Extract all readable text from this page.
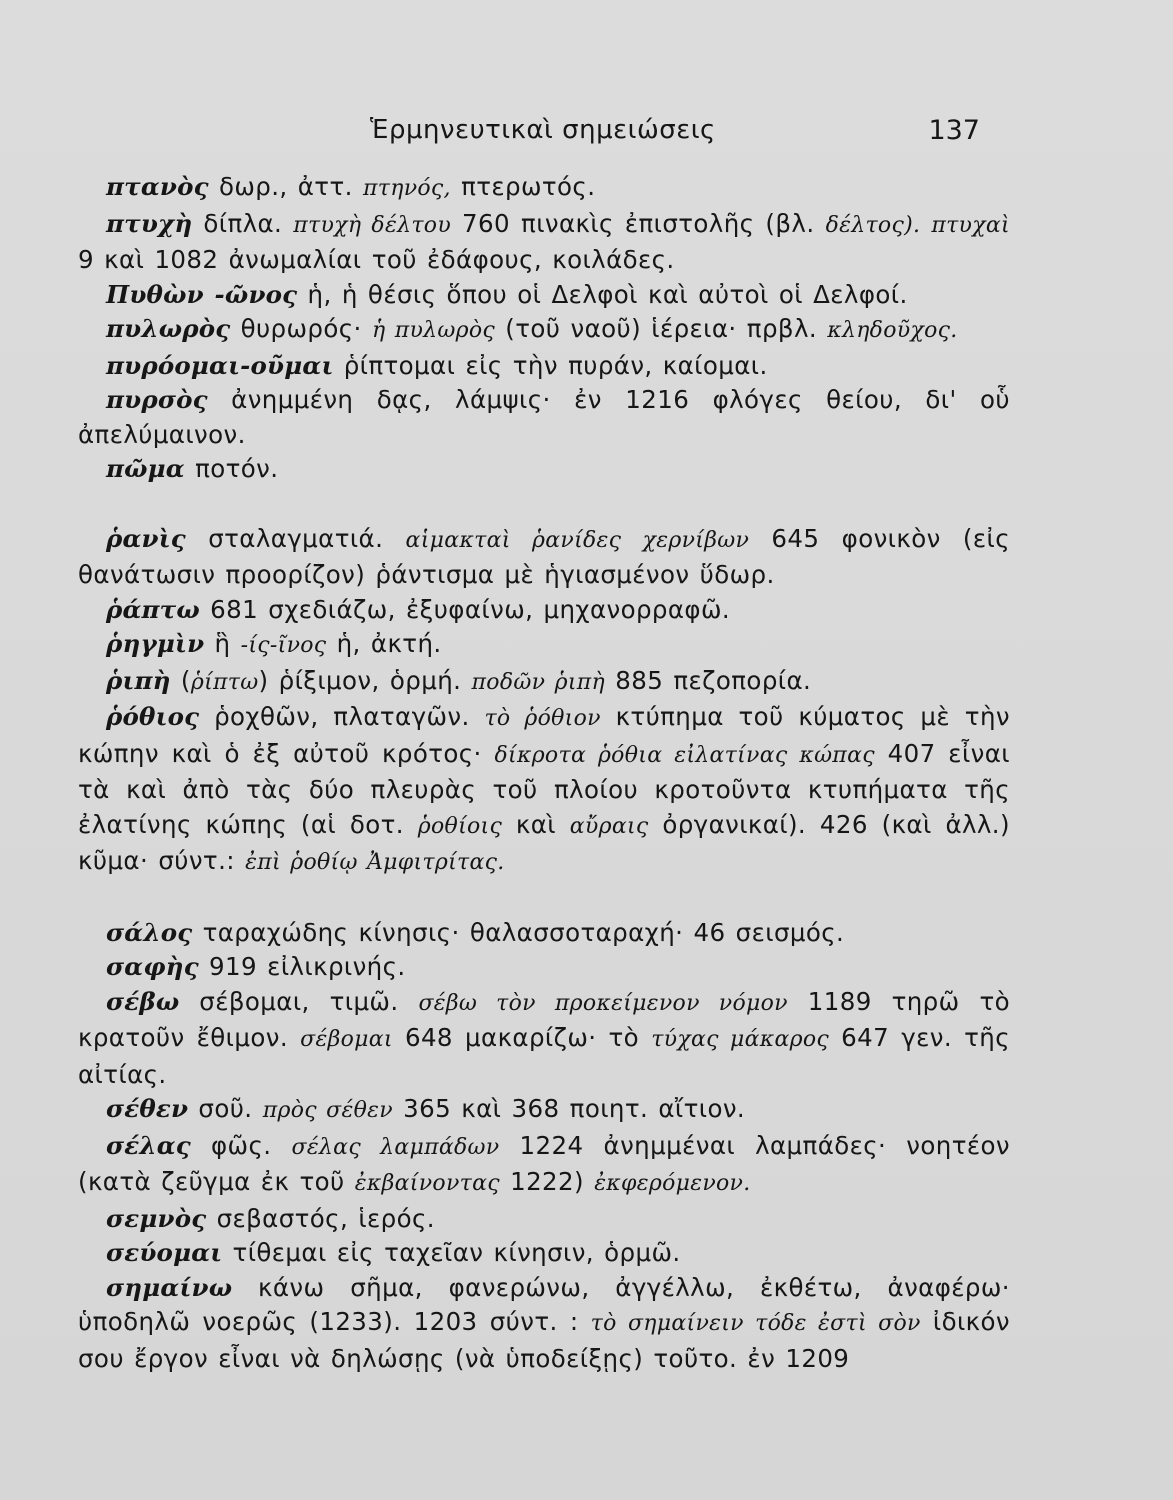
Ἑρμηνευτικαὶ σημειώσεις	137

πτανὸς δωρ., ἀττ. πτηνός, πτερωτός.

πτυχὴ δίπλα. πτυχὴ δέλτου 760 πινακὶς ἐπιστολῆς (βλ. δέλτος). πτυχαὶ 9 καὶ 1082 ἀνωμαλίαι τοῦ ἐδάφους, κοιλάδες.

Πυθὼν -ῶνος ἡ, ἡ θέσις ὅπου οἱ Δελφοὶ καὶ αὐτοὶ οἱ Δελφοί.

πυλωρὸς θυρωρός· ἡ πυλωρὸς (τοῦ ναοῦ) ἱέρεια· πρβλ. κληδοῦχος.

πυρόομαι-οῦμαι ῥίπτομαι εἰς τὴν πυράν, καίομαι.

πυρσὸς ἀνημμένη δᾳς, λάμψις· ἐν 1216 φλόγες θείου, δι' οὗ ἀπελύμαινον.

πῶμα ποτόν.

ῥανὶς σταλαγματιά. αἱμακταὶ ῥανίδες χερνίβων 645 φονικὸν (εἰς θανάτωσιν προορίζον) ῥάντισμα μὲ ἡγιασμένον ὕδωρ.

ῥάπτω 681 σχεδιάζω, ἐξυφαίνω, μηχανορραφῶ.

ῥηγμὶν ἣ -ίς-ῖνος ἡ, ἀκτή.

ῥιπὴ (ῥίπτω) ῥίξιμον, ὁρμή. ποδῶν ῥιπὴ 885 πεζοπορία.

ῥόθιος ῥοχθῶν, πλαταγῶν. τὸ ῥόθιον κτύπημα τοῦ κύματος μὲ τὴν κώπην καὶ ὁ ἐξ αὐτοῦ κρότος· δίκροτα ῥόθια εἰλατίνας κώπας 407 εἶναι τὰ καὶ ἀπὸ τὰς δύο πλευρὰς τοῦ πλοίου κροτοῦντα κτυπήματα τῆς ἐλατίνης κώπης (αἱ δοτ. ῥοθίοις καὶ αὔραις ὀργανικαί). 426 (καὶ ἀλλ.) κῦμα· σύντ.: ἐπὶ ῥοθίῳ Ἀμφιτρίτας.

σάλος ταραχώδης κίνησις· θαλασσοταραχή· 46 σεισμός.

σαφὴς 919 εἰλικρινής.

σέβω σέβομαι, τιμῶ. σέβω τὸν προκείμενον νόμον 1189 τηρῶ τὸ κρατοῦν ἔθιμον. σέβομαι 648 μακαρίζω· τὸ τύχας μάκαρος 647 γεν. τῆς αἰτίας.

σέθεν σοῦ. πρὸς σέθεν 365 καὶ 368 ποιητ. αἴτιον.

σέλας φῶς. σέλας λαμπάδων 1224 ἀνημμέναι λαμπάδες· νοητέον (κατὰ ζεῦγμα ἐκ τοῦ ἐκβαίνοντας 1222) ἐκφερόμενον.

σεμνὸς σεβαστός, ἱερός.

σεύομαι τίθεμαι εἰς ταχεῖαν κίνησιν, ὁρμῶ.

σημαίνω κάνω σῆμα, φανερώνω, ἀγγέλλω, ἐκθέτω, ἀναφέρω· ὑποδηλῶ νοερῶς (1233). 1203 σύντ. : τὸ σημαίνειν τόδε ἐστὶ σὸν ἰδικόν σου ἔργον εἶναι νὰ δηλώσῃς (νὰ ὑποδείξῃς) τοῦτο. ἐν 1209
